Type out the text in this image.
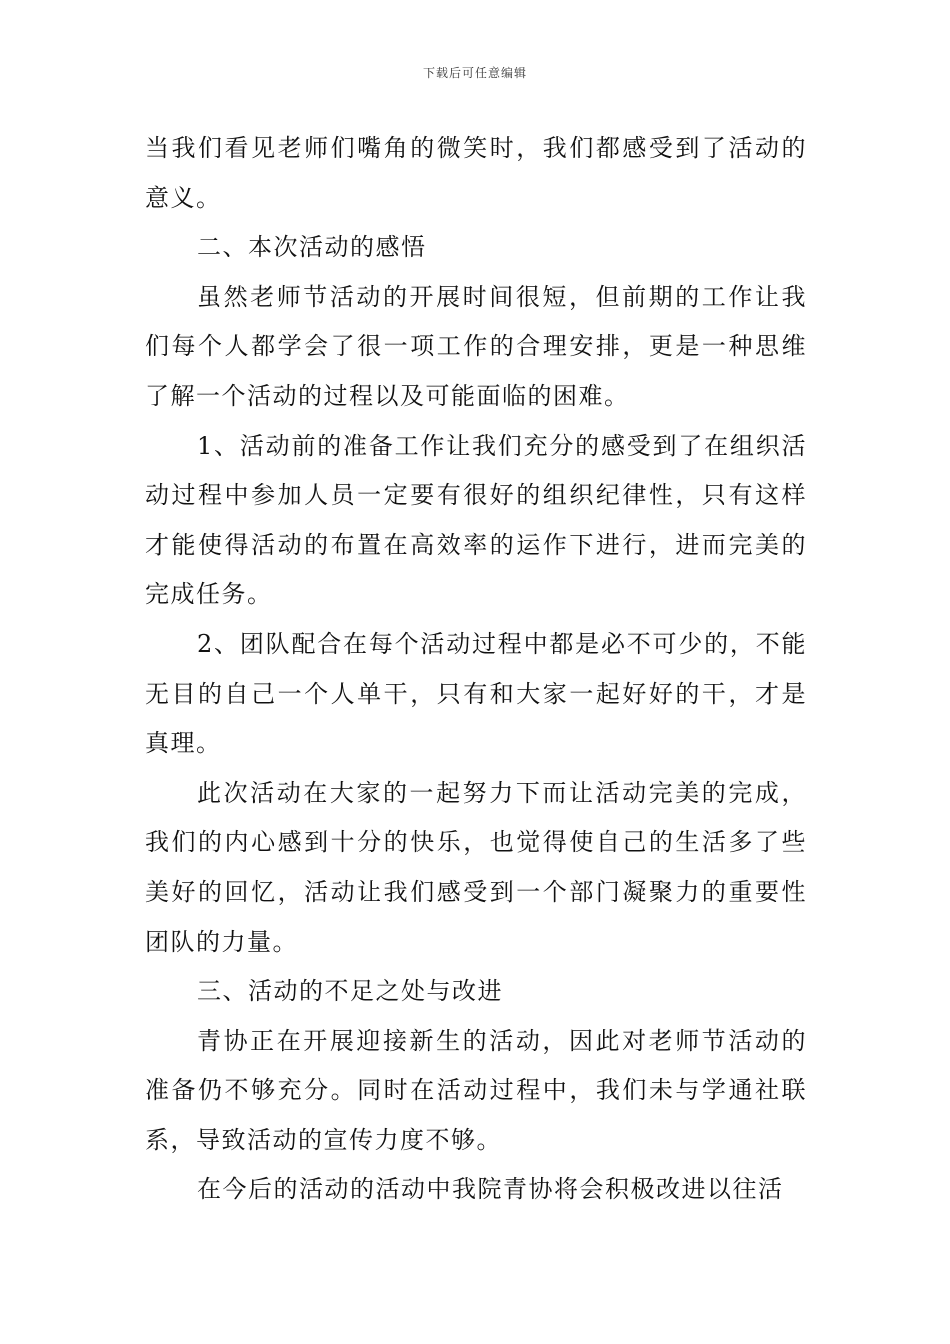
下载后可任意编辑

当我们看见老师们嘴角的微笑时，我们都感受到了活动的意义。

二、本次活动的感悟

虽然老师节活动的开展时间很短，但前期的工作让我们每个人都学会了很一项工作的合理安排，更是一种思维了解一个活动的过程以及可能面临的困难。

1、活动前的准备工作让我们充分的感受到了在组织活动过程中参加人员一定要有很好的组织纪律性，只有这样才能使得活动的布置在高效率的运作下进行，进而完美的完成任务。

2、团队配合在每个活动过程中都是必不可少的，不能无目的自己一个人单干，只有和大家一起好好的干，才是真理。

此次活动在大家的一起努力下而让活动完美的完成，我们的内心感到十分的快乐，也觉得使自己的生活多了些美好的回忆，活动让我们感受到一个部门凝聚力的重要性团队的力量。

三、活动的不足之处与改进

青协正在开展迎接新生的活动，因此对老师节活动的准备仍不够充分。同时在活动过程中，我们未与学通社联系，导致活动的宣传力度不够。

在今后的活动的活动中我院青协将会积极改进以往活
